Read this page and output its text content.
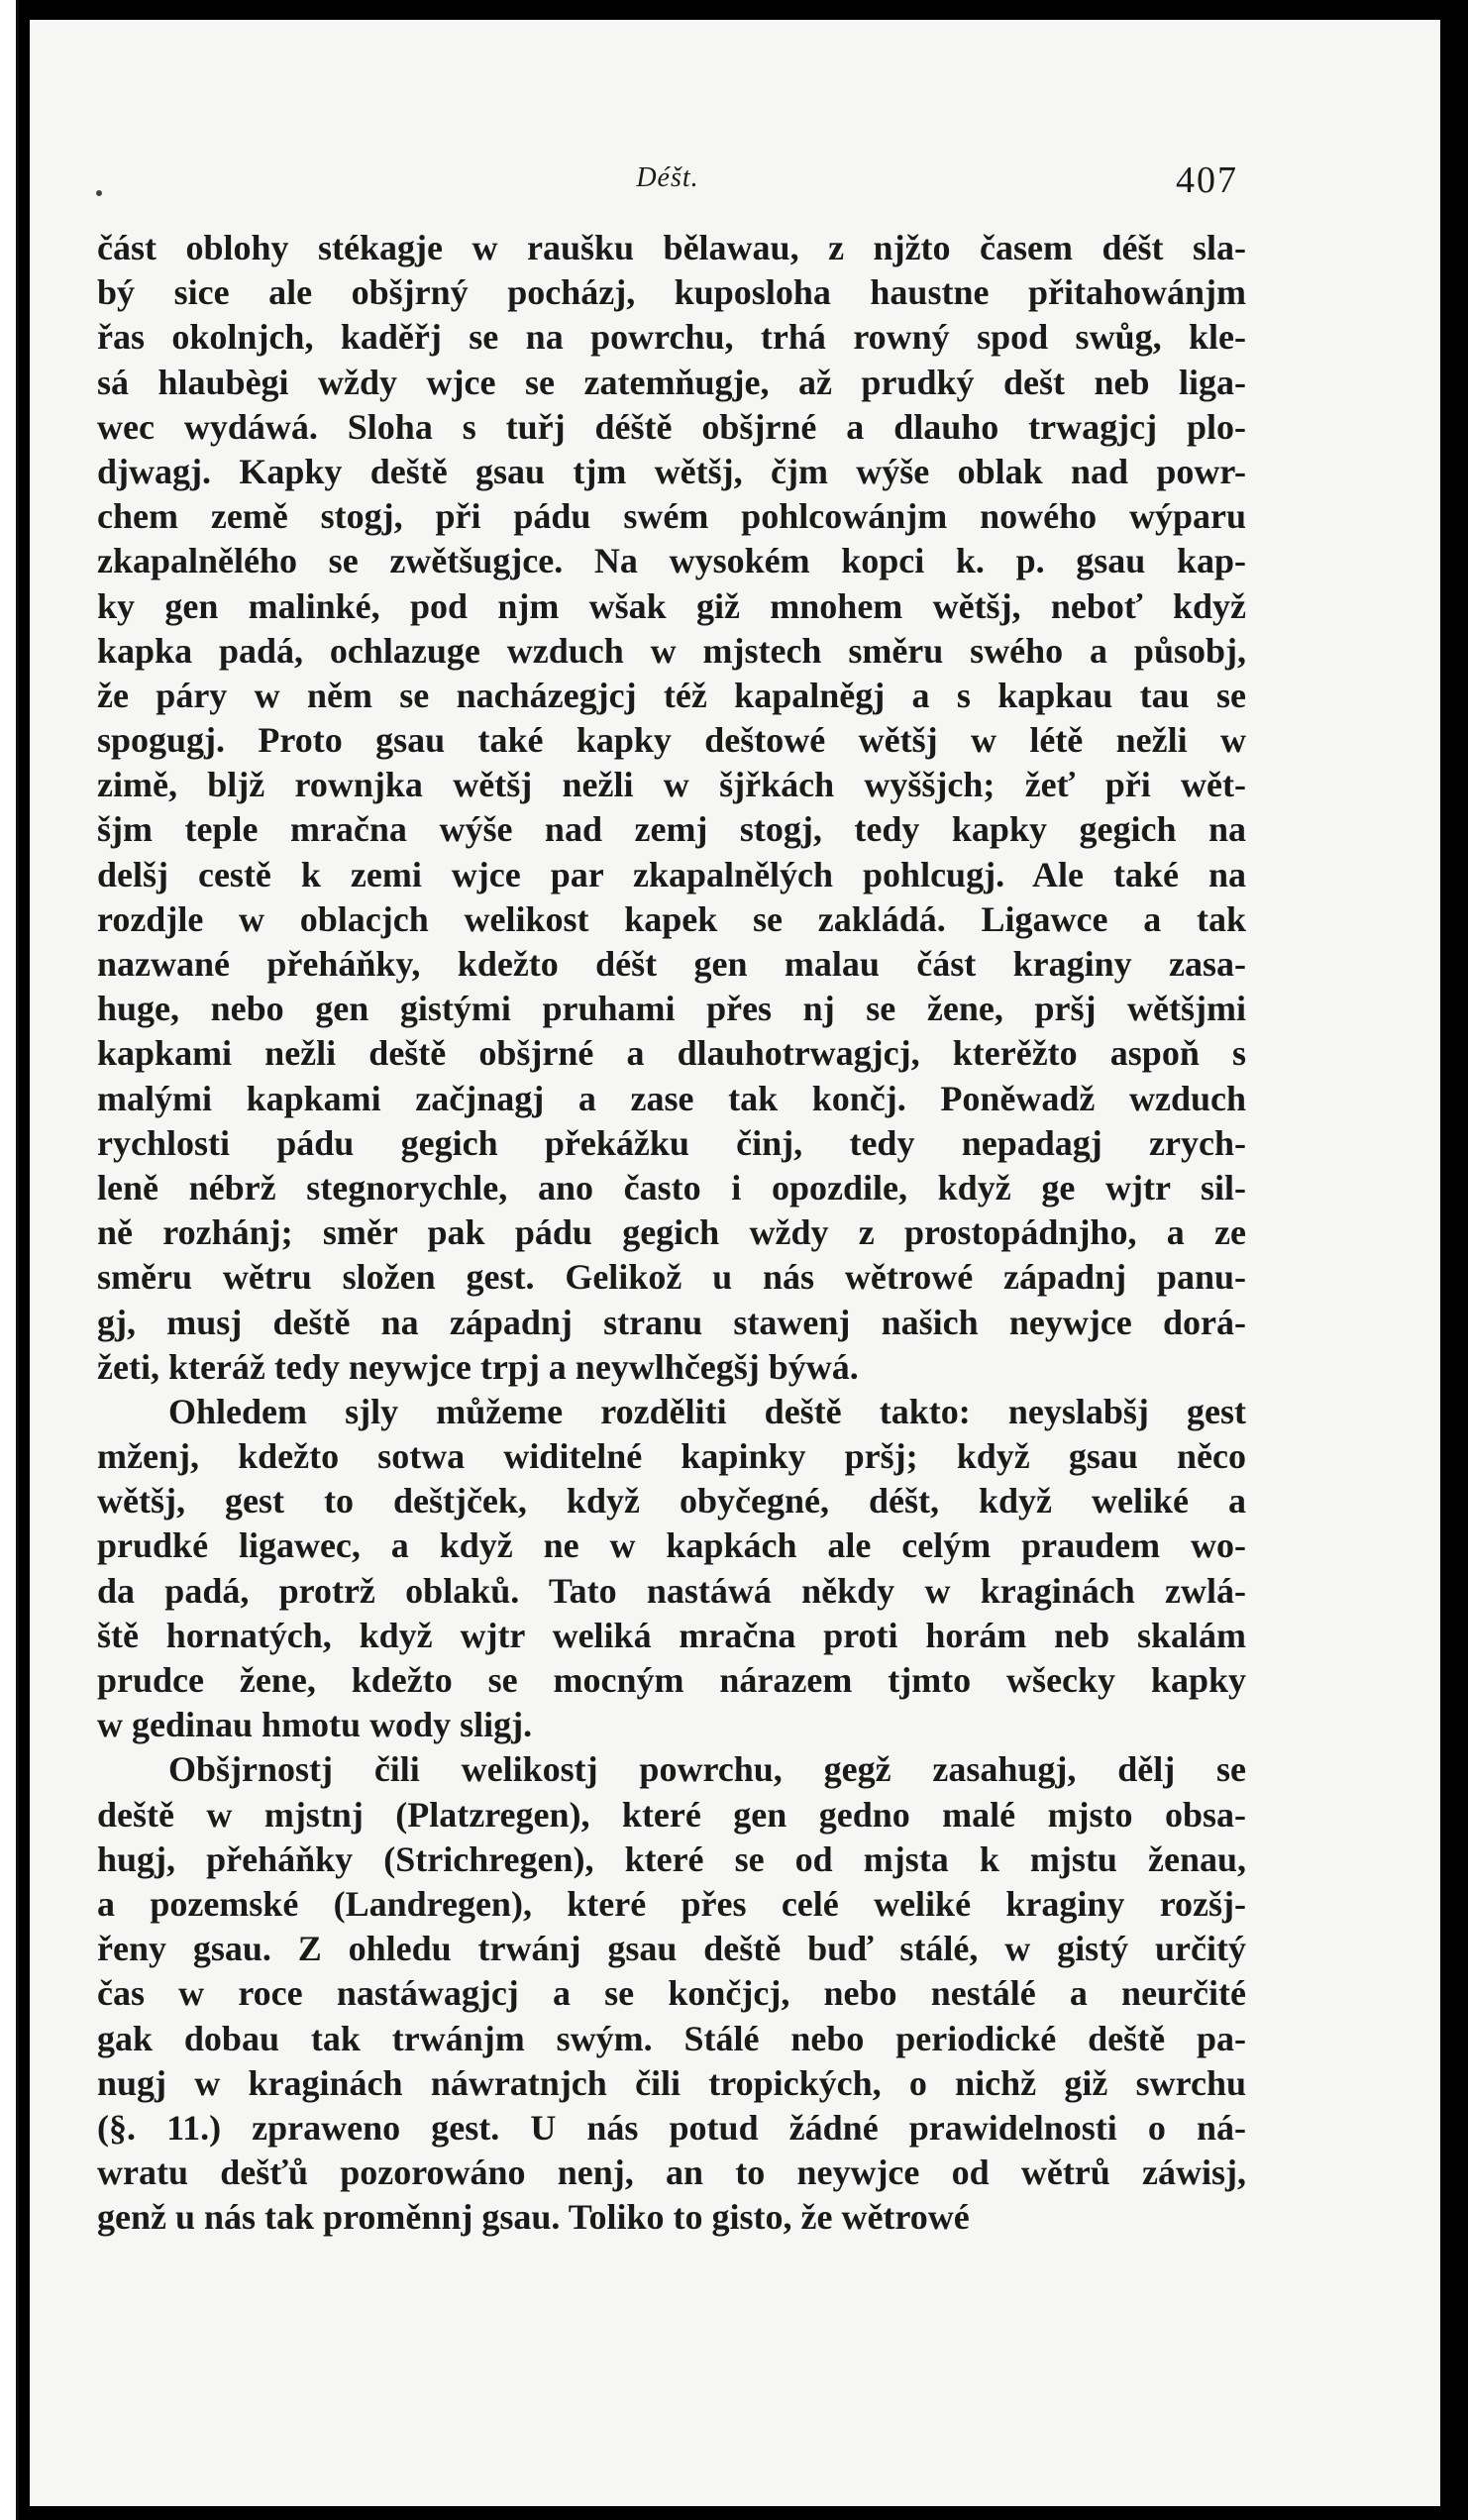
Déšt.	407
část oblohy stékagje w raušku bělawau, z njžto časem déšt sla-
bý sice ale obšjrný pocházj, kuposloha haustne přitahowánjm
řas okolnjch, kaděřj se na powrchu, trhá rowný spod swůg, kle-
sá hlaubègi wždy wjce se zatemňugje, až prudký dešt neb liga-
wec wydáwá. Sloha s tuřj déště obšjrné a dlauho trwagjcj plo-
djwagj. Kapky deště gsau tjm wětšj, čjm wýše oblak nad powr-
chem země stogj, při pádu swém pohlcowánjm nowého wýparu
zkapalnělého se zwětšugjce. Na wysokém kopci k. p. gsau kap-
ky gen malinké, pod njm wšak giž mnohem wětšj, neboť když
kapka padá, ochlazuge wzduch w mjstech směru swého a působj,
že páry w něm se nacházegjcj též kapalněgj a s kapkau tau se
spogugj. Proto gsau také kapky deštowé wětšj w létě nežli w
zimě, bljž rownjka wětšj nežli w šjřkách wyššjch; žeť při wět-
šjm teple mračna wýše nad zemj stogj, tedy kapky gegich na
delšj cestě k zemi wjce par zkapalnělých pohlcugj. Ale také na
rozdjle w oblacjch welikost kapek se zakládá. Ligawce a tak
nazwané přeháňky, kdežto déšt gen malau část kraginy zasa-
huge, nebo gen gistými pruhami přes nj se žene, pršj wětšjmi
kapkami nežli deště obšjrné a dlauhotrwagjcj, kterěžto aspoň s
malými kapkami začjnagj a zase tak končj. Poněwadž wzduch
rychlosti pádu gegich překážku činj, tedy nepadagj zrych-
leně nébrž stegnorychle, ano často i opozdile, když ge wjtr sil-
ně rozhánj; směr pak pádu gegich wždy z prostopádnjho, a ze
směru wětru složen gest. Gelikož u nás wětrowé západnj panu-
gj, musj deště na západnj stranu stawenj našich neywjce dorá-
žeti, kteráž tedy neywjce trpj a neywlhčegšj býwá.
Ohledem sjly můžeme rozděliti deště takto: neyslabšj gest
mženj, kdežto sotwa widitelné kapinky pršj; když gsau něco
wětšj, gest to deštjček, když obyčegné, déšt, když weliké a
prudké ligawec, a když ne w kapkách ale celým praudem wo-
da padá, protrž oblaků. Tato nastáwá někdy w kraginách zwlá-
ště hornatých, když wjtr weliká mračna proti horám neb skalám
prudce žene, kdežto se mocným nárazem tjmto wšecky kapky
w gedinau hmotu wody sligj.
Obšjrnostj čili welikostj powrchu, gegž zasahugj, dělj se
deště w mjstnj (Platzregen), které gen gedno malé mjsto obsa-
hugj, přeháňky (Strichregen), které se od mjsta k mjstu ženau,
a pozemské (Landregen), které přes celé weliké kraginy rozšj-
řeny gsau. Z ohledu trwánj gsau deště buď stálé, w gistý určitý
čas w roce nastáwagjcj a se končjcj, nebo nestálé a neurčité
gak dobau tak trwánjm swým. Stálé nebo periodické deště pa-
nugj w kraginách náwratnjch čili tropických, o nichž giž swrchu
(§. 11.) zpraweno gest. U nás potud žádné prawidelnosti o ná-
wratu dešťů pozorowáno nenj, an to neywjce od wětrů záwisj,
genž u nás tak proměnnj gsau. Toliko to gisto, že wětrowé
